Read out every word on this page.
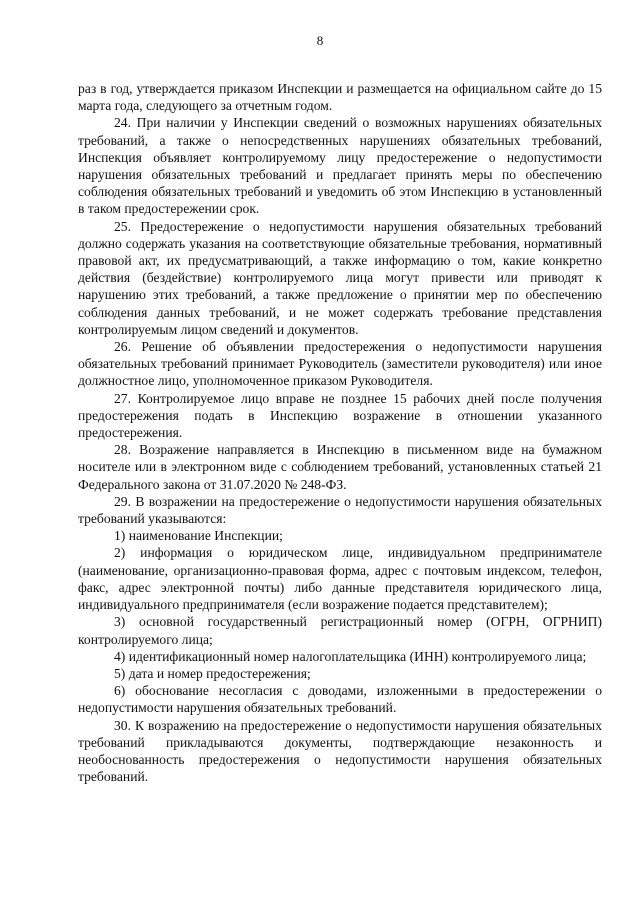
8

раз в год, утверждается приказом Инспекции и размещается на официальном сайте до 15 марта года, следующего за отчетным годом.

24. При наличии у Инспекции сведений о возможных нарушениях обязательных требований, а также о непосредственных нарушениях обязательных требований, Инспекция объявляет контролируемому лицу предостережение о недопустимости нарушения обязательных требований и предлагает принять меры по обеспечению соблюдения обязательных требований и уведомить об этом Инспекцию в установленный в таком предостережении срок.

25. Предостережение о недопустимости нарушения обязательных требований должно содержать указания на соответствующие обязательные требования, нормативный правовой акт, их предусматривающий, а также информацию о том, какие конкретно действия (бездействие) контролируемого лица могут привести или приводят к нарушению этих требований, а также предложение о принятии мер по обеспечению соблюдения данных требований, и не может содержать требование представления контролируемым лицом сведений и документов.

26. Решение об объявлении предостережения о недопустимости нарушения обязательных требований принимает Руководитель (заместители руководителя) или иное должностное лицо, уполномоченное приказом Руководителя.

27. Контролируемое лицо вправе не позднее 15 рабочих дней после получения предостережения подать в Инспекцию возражение в отношении указанного предостережения.

28. Возражение направляется в Инспекцию в письменном виде на бумажном носителе или в электронном виде с соблюдением требований, установленных статьей 21 Федерального закона от 31.07.2020 № 248-ФЗ.

29. В возражении на предостережение о недопустимости нарушения обязательных требований указываются:

1) наименование Инспекции;

2) информация о юридическом лице, индивидуальном предпринимателе (наименование, организационно-правовая форма, адрес с почтовым индексом, телефон, факс, адрес электронной почты) либо данные представителя юридического лица, индивидуального предпринимателя (если возражение подается представителем);

3) основной государственный регистрационный номер (ОГРН, ОГРНИП) контролируемого лица;

4) идентификационный номер налогоплательщика (ИНН) контролируемого лица;

5) дата и номер предостережения;

6) обоснование несогласия с доводами, изложенными в предостережении о недопустимости нарушения обязательных требований.

30. К возражению на предостережение о недопустимости нарушения обязательных требований прикладываются документы, подтверждающие незаконность и необоснованность предостережения о недопустимости нарушения обязательных требований.
